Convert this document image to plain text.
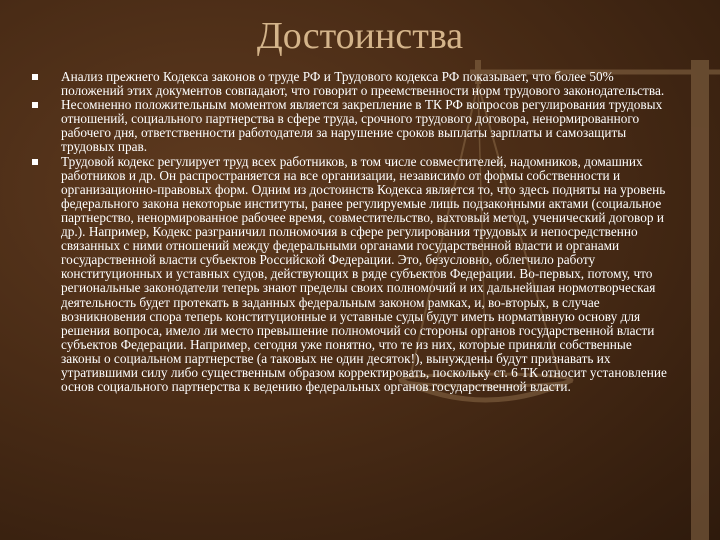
Достоинства
Анализ прежнего Кодекса законов о труде РФ и Трудового кодекса РФ показывает, что более 50% положений этих документов совпадают, что говорит о преемственности норм трудового законодательства.
Несомненно положительным моментом является закрепление в ТК РФ вопросов регулирования трудовых отношений, социального партнерства в сфере труда, срочного трудового договора, ненормированного рабочего дня, ответственности работодателя за нарушение сроков выплаты зарплаты и самозащиты трудовых прав.
Трудовой кодекс регулирует труд всех работников, в том числе совместителей, надомников, домашних работников и др. Он распространяется на все организации, независимо от формы собственности и организационно-правовых форм. Одним из достоинств Кодекса является то, что здесь подняты на уровень федерального закона некоторые институты, ранее регулируемые лишь подзаконными актами (социальное партнерство, ненормированное рабочее время, совместительство, вахтовый метод, ученический договор и др.). Например, Кодекс разграничил полномочия в сфере регулирования трудовых и непосредственно связанных с ними отношений между федеральными органами государственной власти и органами государственной власти субъектов Российской Федерации. Это, безусловно, облегчило работу конституционных и уставных судов, действующих в ряде субъектов Федерации. Во-первых, потому, что региональные законодатели теперь знают пределы своих полномочий и их дальнейшая нормотворческая деятельность будет протекать в заданных федеральным законом рамках, и, во-вторых, в случае возникновения спора теперь конституционные и уставные суды будут иметь нормативную основу для решения вопроса, имело ли место превышение полномочий со стороны органов государственной власти субъектов Федерации. Например, сегодня уже понятно, что те из них, которые приняли собственные законы о социальном партнерстве (а таковых не один десяток!), вынуждены будут признавать их утратившими силу либо существенным образом корректировать, поскольку ст. 6 ТК относит установление основ социального партнерства к ведению федеральных органов государственной власти.
